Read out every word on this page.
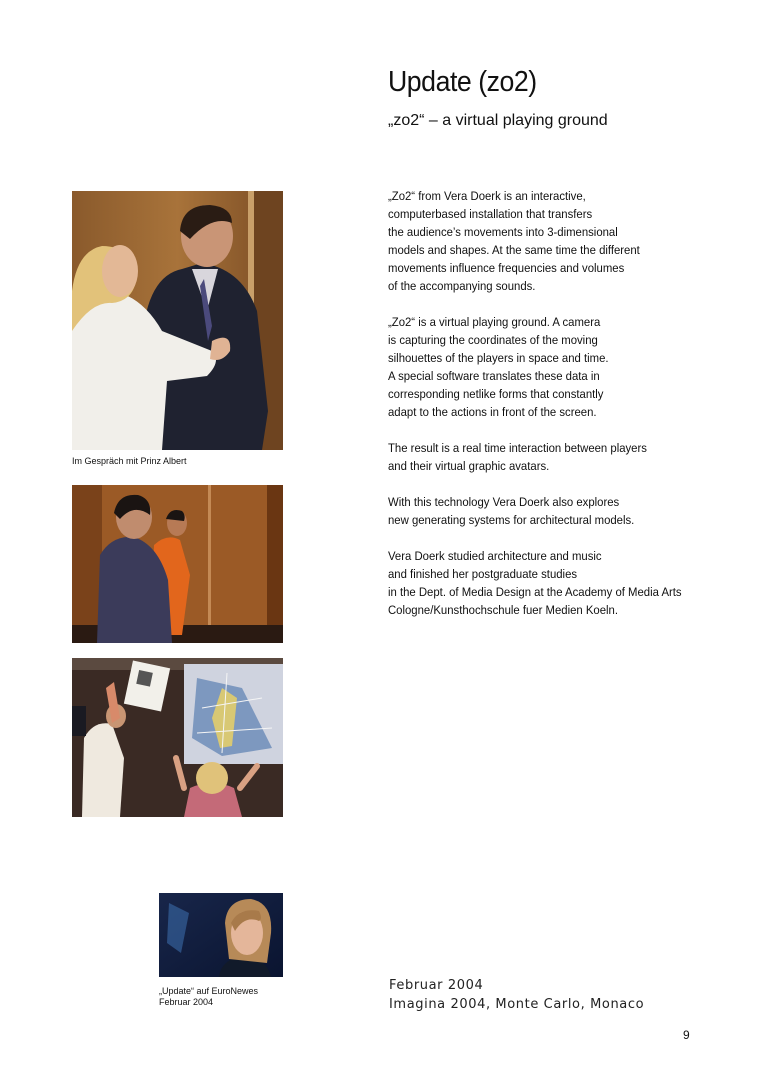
Update (zo2)

„zo2“ – a virtual playing ground

„Zo2“ from Vera Doerk is an interactive,
computerbased installation that transfers
the audience’s movements into 3-dimensional
models and shapes. At the same time the different
movements influence frequencies and volumes
of the accompanying sounds.

„Zo2“ is a virtual playing ground. A camera
is capturing the coordinates of the moving
silhouettes of the players in space and time.
A special software translates these data in
corresponding netlike forms that constantly
adapt to the actions in front of the screen.

The result is a real time interaction between players
and their virtual graphic avatars.

With this technology Vera Doerk also explores
new generating systems for architectural models.

Vera Doerk studied architecture and music
and finished her postgraduate studies
in the Dept. of Media Design at the Academy of Media Arts
Cologne/Kunsthochschule fuer Medien Koeln.

Im Gespräch mit Prinz Albert
„Update“ auf EuroNewes
Februar 2004
Februar 2004
Imagina 2004, Monte Carlo, Monaco
9
